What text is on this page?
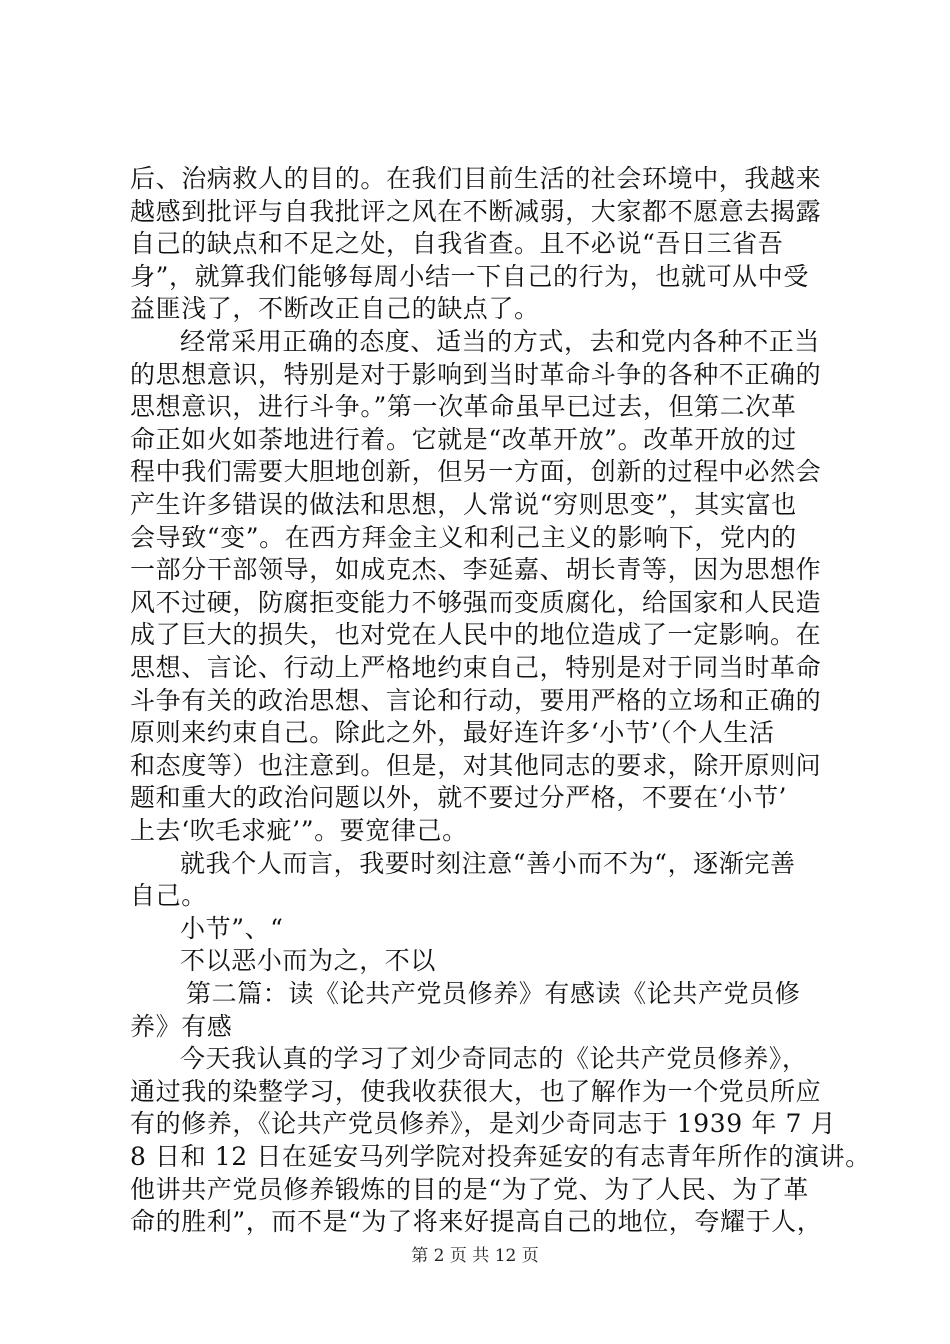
后、治病救人的目的。在我们目前生活的社会环境中，我越来
越感到批评与自我批评之风在不断减弱，大家都不愿意去揭露
自己的缺点和不足之处，自我省查。且不必说“吾日三省吾
身”，就算我们能够每周小结一下自己的行为，也就可从中受
益匪浅了，不断改正自己的缺点了。
经常采用正确的态度、适当的方式，去和党内各种不正当
的思想意识，特别是对于影响到当时革命斗争的各种不正确的
思想意识，进行斗争。”第一次革命虽早已过去，但第二次革
命正如火如荼地进行着。它就是“改革开放”。改革开放的过
程中我们需要大胆地创新，但另一方面，创新的过程中必然会
产生许多错误的做法和思想，人常说“穷则思变”，其实富也
会导致“变”。在西方拜金主义和利己主义的影响下，党内的
一部分干部领导，如成克杰、李延嘉、胡长青等，因为思想作
风不过硬，防腐拒变能力不够强而变质腐化，给国家和人民造
成了巨大的损失，也对党在人民中的地位造成了一定影响。在
思想、言论、行动上严格地约束自己，特别是对于同当时革命
斗争有关的政治思想、言论和行动，要用严格的立场和正确的
原则来约束自己。除此之外，最好连许多‘小节’（个人生活
和态度等）也注意到。但是，对其他同志的要求，除开原则问
题和重大的政治问题以外，就不要过分严格，不要在‘小节’
上去‘吹毛求疵’”。要宽律己。
就我个人而言，我要时刻注意“善小而不为“，逐渐完善
自己。
小节”、“
不以恶小而为之，不以
第二篇：读《论共产党员修养》有感读《论共产党员修
养》有感
今天我认真的学习了刘少奇同志的《论共产党员修养》，
通过我的染整学习，使我收获很大，也了解作为一个党员所应
有的修养，《论共产党员修养》，是刘少奇同志于 1939 年 7 月
8 日和 12 日在延安马列学院对投奔延安的有志青年所作的演讲。
他讲共产党员修养锻炼的目的是“为了党、为了人民、为了革
命的胜利”，而不是“为了将来好提高自己的地位，夸耀于人，
第 2 页 共 12 页
